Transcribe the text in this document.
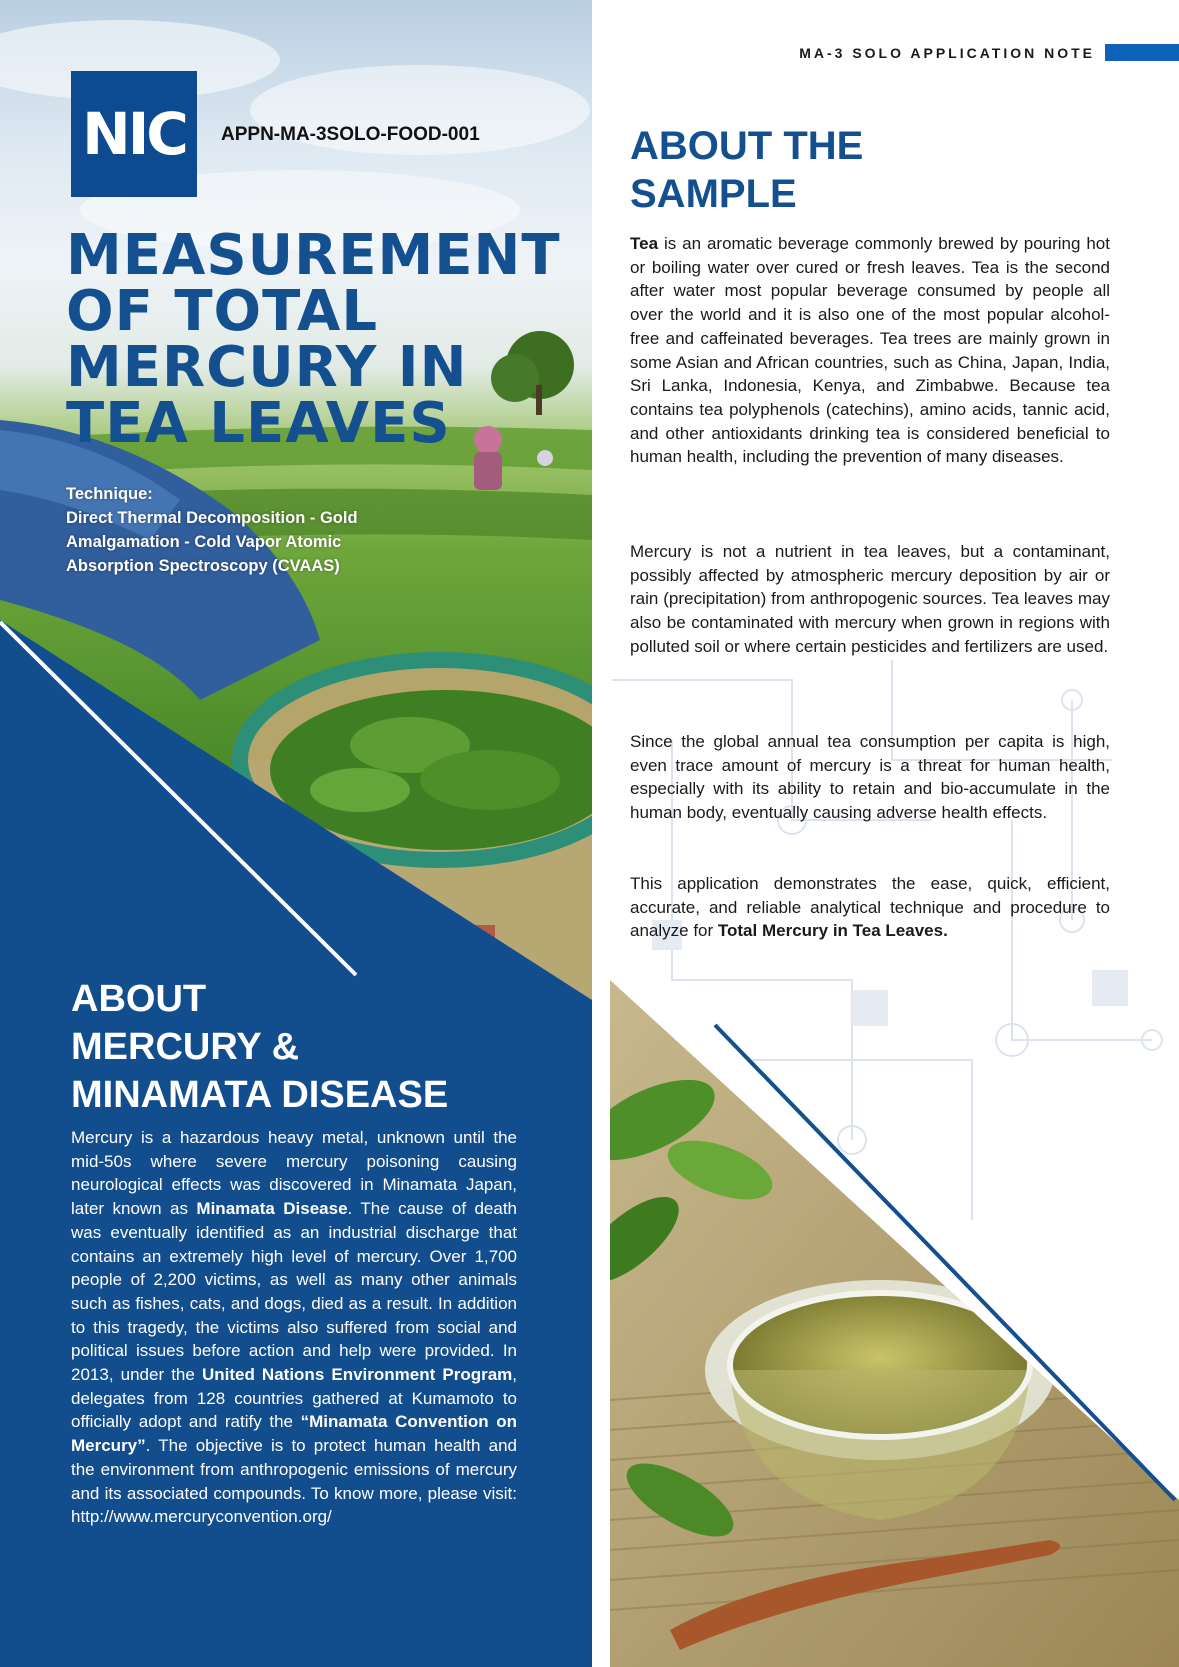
NIC APPN-MA-3SOLO-FOOD-001
MEASUREMENT
OF TOTAL
MERCURY IN
TEA LEAVES
Technique:
Direct Thermal Decomposition - Gold
Amalgamation - Cold Vapor Atomic
Absorption Spectroscopy (CVAAS)
ABOUT
MERCURY &
MINAMATA DISEASE

Mercury is a hazardous heavy metal, unknown until the mid-50s where severe mercury poisoning causing neurological effects was discovered in Minamata Japan, later known as Minamata Disease. The cause of death was eventually identified as an industrial discharge that contains an extremely high level of mercury. Over 1,700 people of 2,200 victims, as well as many other animals such as fishes, cats, and dogs, died as a result. In addition to this tragedy, the victims also suffered from social and political issues before action and help were provided. In 2013, under the United Nations Environment Program, delegates from 128 countries gathered at Kumamoto to officially adopt and ratify the “Minamata Convention on Mercury”. The objective is to protect human health and the environment from anthropogenic emissions of mercury and its associated compounds. To know more, please visit: http://www.mercuryconvention.org/

MA-3 SOLO APPLICATION NOTE
ABOUT THE
SAMPLE

Tea is an aromatic beverage commonly brewed by pouring hot or boiling water over cured or fresh leaves. Tea is the second after water most popular beverage consumed by people all over the world and it is also one of the most popular alcohol-free and caffeinated beverages. Tea trees are mainly grown in some Asian and African countries, such as China, Japan, India, Sri Lanka, Indonesia, Kenya, and Zimbabwe. Because tea contains tea polyphenols (catechins), amino acids, tannic acid, and other antioxidants drinking tea is considered beneficial to human health, including the prevention of many diseases.

Mercury is not a nutrient in tea leaves, but a contaminant, possibly affected by atmospheric mercury deposition by air or rain (precipitation) from anthropogenic sources. Tea leaves may also be contaminated with mercury when grown in regions with polluted soil or where certain pesticides and fertilizers are used.

Since the global annual tea consumption per capita is high, even trace amount of mercury is a threat for human health, especially with its ability to retain and bio-accumulate in the human body, eventually causing adverse health effects.

This application demonstrates the ease, quick, efficient, accurate, and reliable analytical technique and procedure to analyze for Total Mercury in Tea Leaves.
